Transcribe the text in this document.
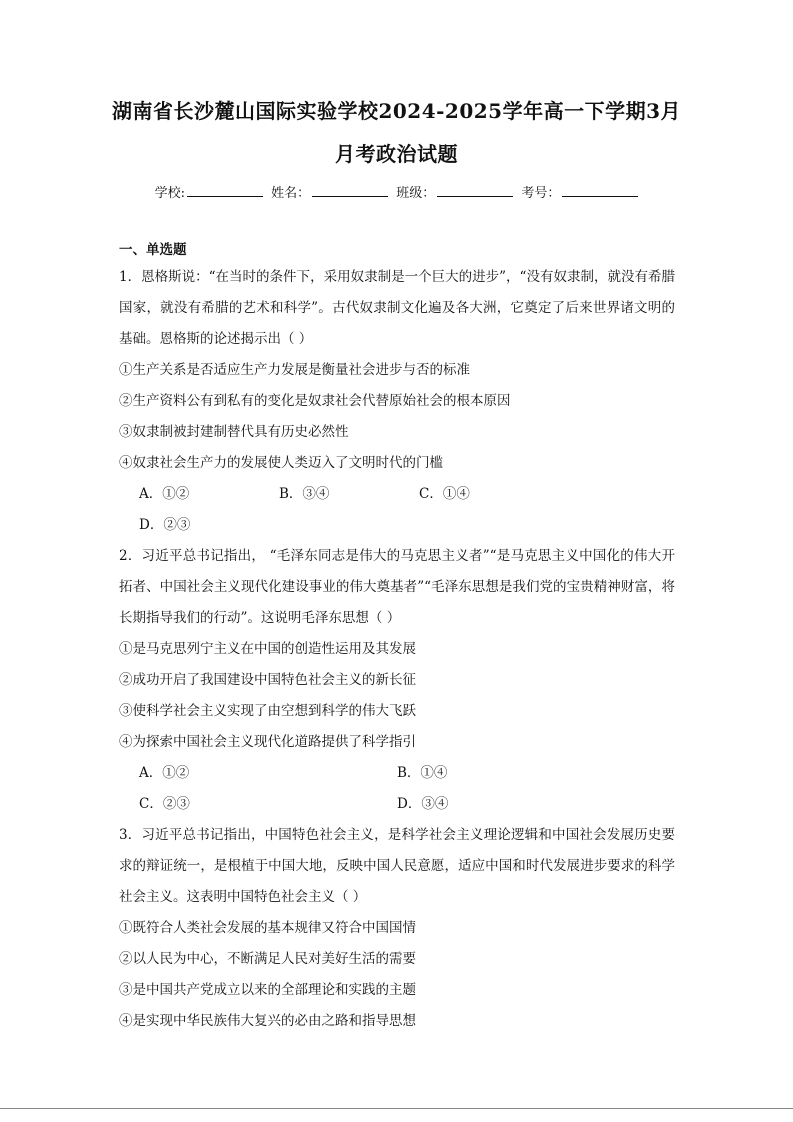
湖南省长沙麓山国际实验学校2024-2025学年高一下学期3月
月考政治试题
学校:	姓名：	班级：	考号：
一、单选题
1．恩格斯说：“在当时的条件下，采用奴隶制是一个巨大的进步”，“没有奴隶制，就没有希腊国家，就没有希腊的艺术和科学”。古代奴隶制文化遍及各大洲，它奠定了后来世界诸文明的基础。恩格斯的论述揭示出（ ）
①生产关系是否适应生产力发展是衡量社会进步与否的标准
②生产资料公有到私有的变化是奴隶社会代替原始社会的根本原因
③奴隶制被封建制替代具有历史必然性
④奴隶社会生产力的发展使人类迈入了文明时代的门槛
A．①②	B．③④	C．①④
D．②③
2．习近平总书记指出， “毛泽东同志是伟大的马克思主义者”“是马克思主义中国化的伟大开拓者、中国社会主义现代化建设事业的伟大奠基者”“毛泽东思想是我们党的宝贵精神财富，将长期指导我们的行动”。这说明毛泽东思想（ ）
①是马克思列宁主义在中国的创造性运用及其发展
②成功开启了我国建设中国特色社会主义的新长征
③使科学社会主义实现了由空想到科学的伟大飞跃
④为探索中国社会主义现代化道路提供了科学指引
A．①②	B．①④
C．②③	D．③④
3．习近平总书记指出，中国特色社会主义，是科学社会主义理论逻辑和中国社会发展历史要求的辩证统一，是根植于中国大地，反映中国人民意愿，适应中国和时代发展进步要求的科学社会主义。这表明中国特色社会主义（ ）
①既符合人类社会发展的基本规律又符合中国国情
②以人民为中心，不断满足人民对美好生活的需要
③是中国共产党成立以来的全部理论和实践的主题
④是实现中华民族伟大复兴的必由之路和指导思想
